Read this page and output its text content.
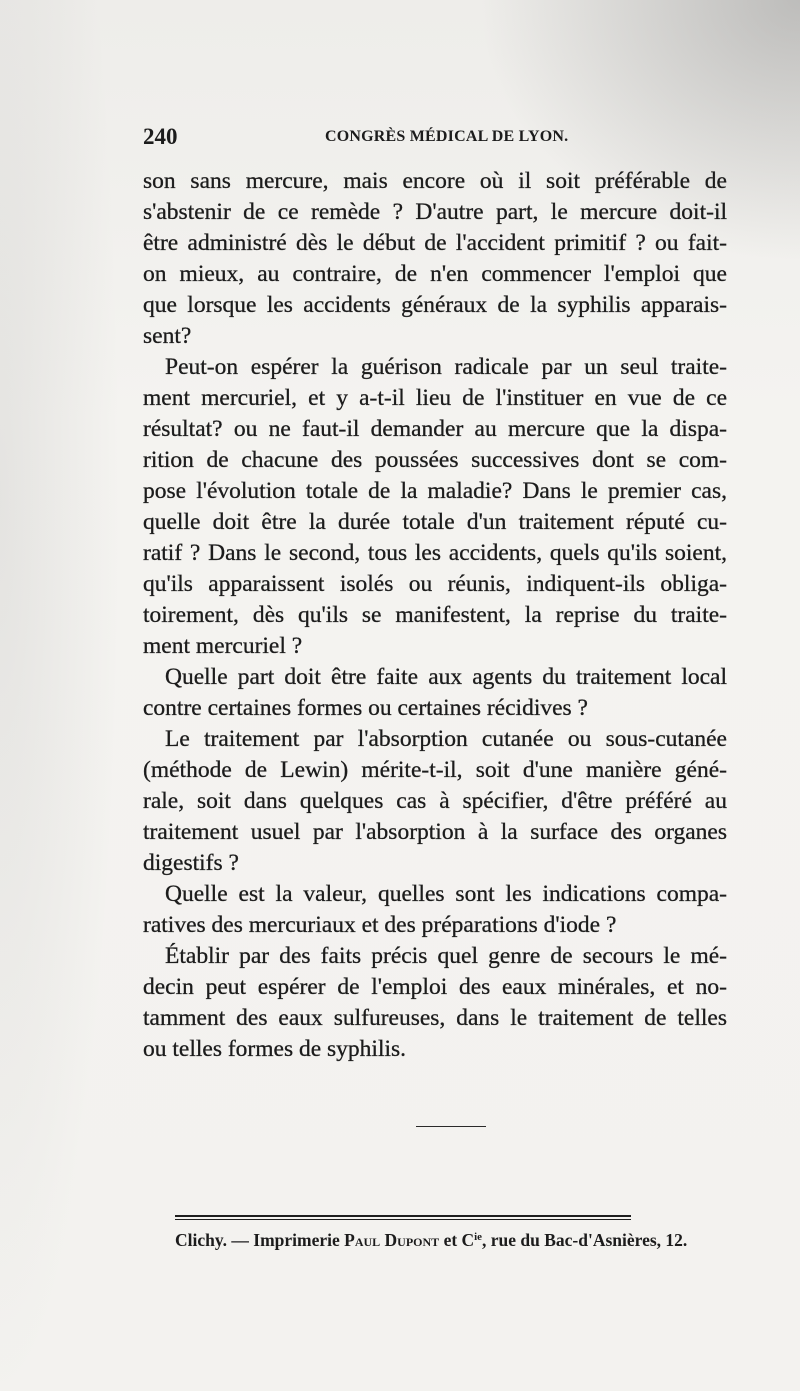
240	CONGRÈS MÉDICAL DE LYON.
son sans mercure, mais encore où il soit préférable de
s'abstenir de ce remède ? D'autre part, le mercure doit-il
être administré dès le début de l'accident primitif ? ou fait-
on mieux, au contraire, de n'en commencer l'emploi que
que lorsque les accidents généraux de la syphilis apparais-
sent?
Peut-on espérer la guérison radicale par un seul traite-
ment mercuriel, et y a-t-il lieu de l'instituer en vue de ce
résultat? ou ne faut-il demander au mercure que la dispa-
rition de chacune des poussées successives dont se com-
pose l'évolution totale de la maladie? Dans le premier cas,
quelle doit être la durée totale d'un traitement réputé cu-
ratif ? Dans le second, tous les accidents, quels qu'ils soient,
qu'ils apparaissent isolés ou réunis, indiquent-ils obliga-
toirement, dès qu'ils se manifestent, la reprise du traite-
ment mercuriel ?
Quelle part doit être faite aux agents du traitement local
contre certaines formes ou certaines récidives ?
Le traitement par l'absorption cutanée ou sous-cutanée
(méthode de Lewin) mérite-t-il, soit d'une manière géné-
rale, soit dans quelques cas à spécifier, d'être préféré au
traitement usuel par l'absorption à la surface des organes
digestifs ?
Quelle est la valeur, quelles sont les indications compa-
ratives des mercuriaux et des préparations d'iode ?
Établir par des faits précis quel genre de secours le mé-
decin peut espérer de l'emploi des eaux minérales, et no-
tamment des eaux sulfureuses, dans le traitement de telles
ou telles formes de syphilis.
Clichy. — Imprimerie Paul Dupont et $C^{ie}$, rue du Bac-d'Asnières, 12.
